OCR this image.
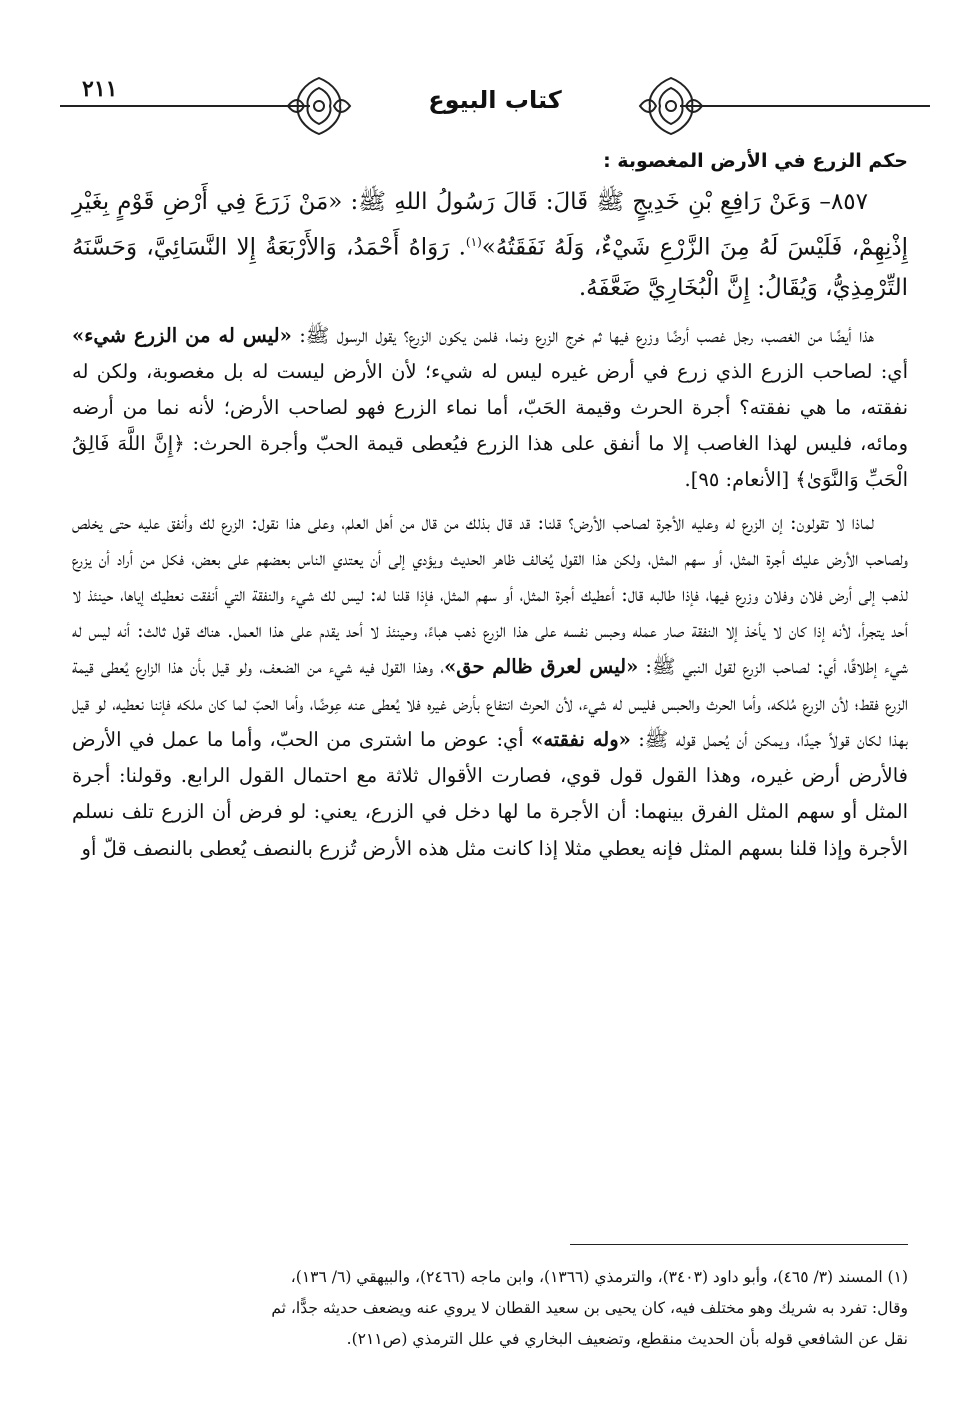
كتاب البيوع
٢١١
حكم الزرع في الأرض المغصوبة :

٨٥٧– وَعَنْ رَافِعِ بْنِ خَدِيجٍ ﷺ قَالَ: قَالَ رَسُولُ اللهِ ﷺ: «مَنْ زَرَعَ فِي أَرْضِ قَوْمٍ بِغَيْرِ إِذْنِهِمْ، فَلَيْسَ لَهُ مِنَ الزَّرْعِ شَيْءٌ، وَلَهُ نَفَقَتُهُ»$^{(١)}$. رَوَاهُ أَحْمَدُ، وَالأَرْبَعَةُ إِلا النَّسَائِيَّ، وَحَسَّنَهُ التِّرْمِذِيُّ، وَيُقَالُ: إِنَّ الْبُخَارِيَّ ضَعَّفَهُ.

هذا أيضًا من الغصب، رجل غصب أرضًا وزرع فيها ثم خرج الزرع ونما، فلمن يكون الزرع؟ يقول الرسول ﷺ: «ليس له من الزرع شيء» أي: لصاحب الزرع الذي زرع في أرض غيره ليس له شيء؛ لأن الأرض ليست له بل مغصوبة، ولكن له نفقته، ما هي نفقته؟ أجرة الحرث وقيمة الحَبّ، أما نماء الزرع فهو لصاحب الأرض؛ لأنه نما من أرضه ومائه، فليس لهذا الغاصب إلا ما أنفق على هذا الزرع فيُعطى قيمة الحبّ وأجرة الحرث: ﴿إِنَّ اللَّهَ فَالِقُ الْحَبِّ وَالنَّوَىٰ﴾ [الأنعام: ٩٥].

لماذا لا تقولون: إن الزرع له وعليه الأجرة لصاحب الأرض؟ قلنا: قد قال بذلك من قال من أهل العلم، وعلى هذا نقول: الزرع لك وأنفق عليه حتى يخلص ولصاحب الأرض عليك أجرة المثل، أو سهم المثل، ولكن هذا القول يُخالف ظاهر الحديث ويؤدي إلى أن يعتدي الناس بعضهم على بعض، فكل من أراد أن يزرع لذهب إلى أرض فلان وفلان وزرع فيها، فإذا طالبه قال: أعطيك أجرة المثل، أو سهم المثل، فإذا قلنا له: ليس لك شيء والنفقة التي أنفقت نعطيك إياها، حينئذ لا أحد يتجرأ، لأنه إذا كان لا يأخذ إلا النفقة صار عمله وحبس نفسه على هذا الزرع ذهب هباءً، وحينئذ لا أحد يقدم على هذا العمل. هناك قول ثالث: أنه ليس له شيء إطلاقًا، أي: لصاحب الزرع لقول النبي ﷺ: «ليس لعرق ظالم حق»، وهذا القول فيه شيء من الضعف، ولو قيل بأن هذا الزارع يُعطى قيمة الزرع فقط؛ لأن الزرع مُلكه، وأما الحرث والحبس فليس له شيء، لأن الحرث انتفاع بأرض غيره فلا يُعطى عنه عِوضًا، وأما الحبّ لما كان ملكه فإننا نعطيه، لو قيل بهذا لكان قولاً جيدًا، ويمكن أن يُحمل قوله ﷺ: «وله نفقته» أي: عوض ما اشترى من الحبّ، وأما ما عمل في الأرض فالأرض أرض غيره، وهذا القول قول قوي، فصارت الأقوال ثلاثة مع احتمال القول الرابع. وقولنا: أجرة المثل أو سهم المثل الفرق بينهما: أن الأجرة ما لها دخل في الزرع، يعني: لو فرض أن الزرع تلف نسلم الأجرة وإذا قلنا بسهم المثل فإنه يعطي مثلا إذا كانت مثل هذه الأرض تُزرع بالنصف يُعطى بالنصف قلّ أو

(١) المسند (٣/ ٤٦٥)، وأبو داود (٣٤٠٣)، والترمذي (١٣٦٦)، وابن ماجه (٢٤٦٦)، والبيهقي (٦/ ١٣٦)،
وقال: تفرد به شريك وهو مختلف فيه، كان يحيى بن سعيد القطان لا يروي عنه ويضعف حديثه جدًّا، ثم
نقل عن الشافعي قوله بأن الحديث منقطع، وتضعيف البخاري في علل الترمذي (ص٢١١).
